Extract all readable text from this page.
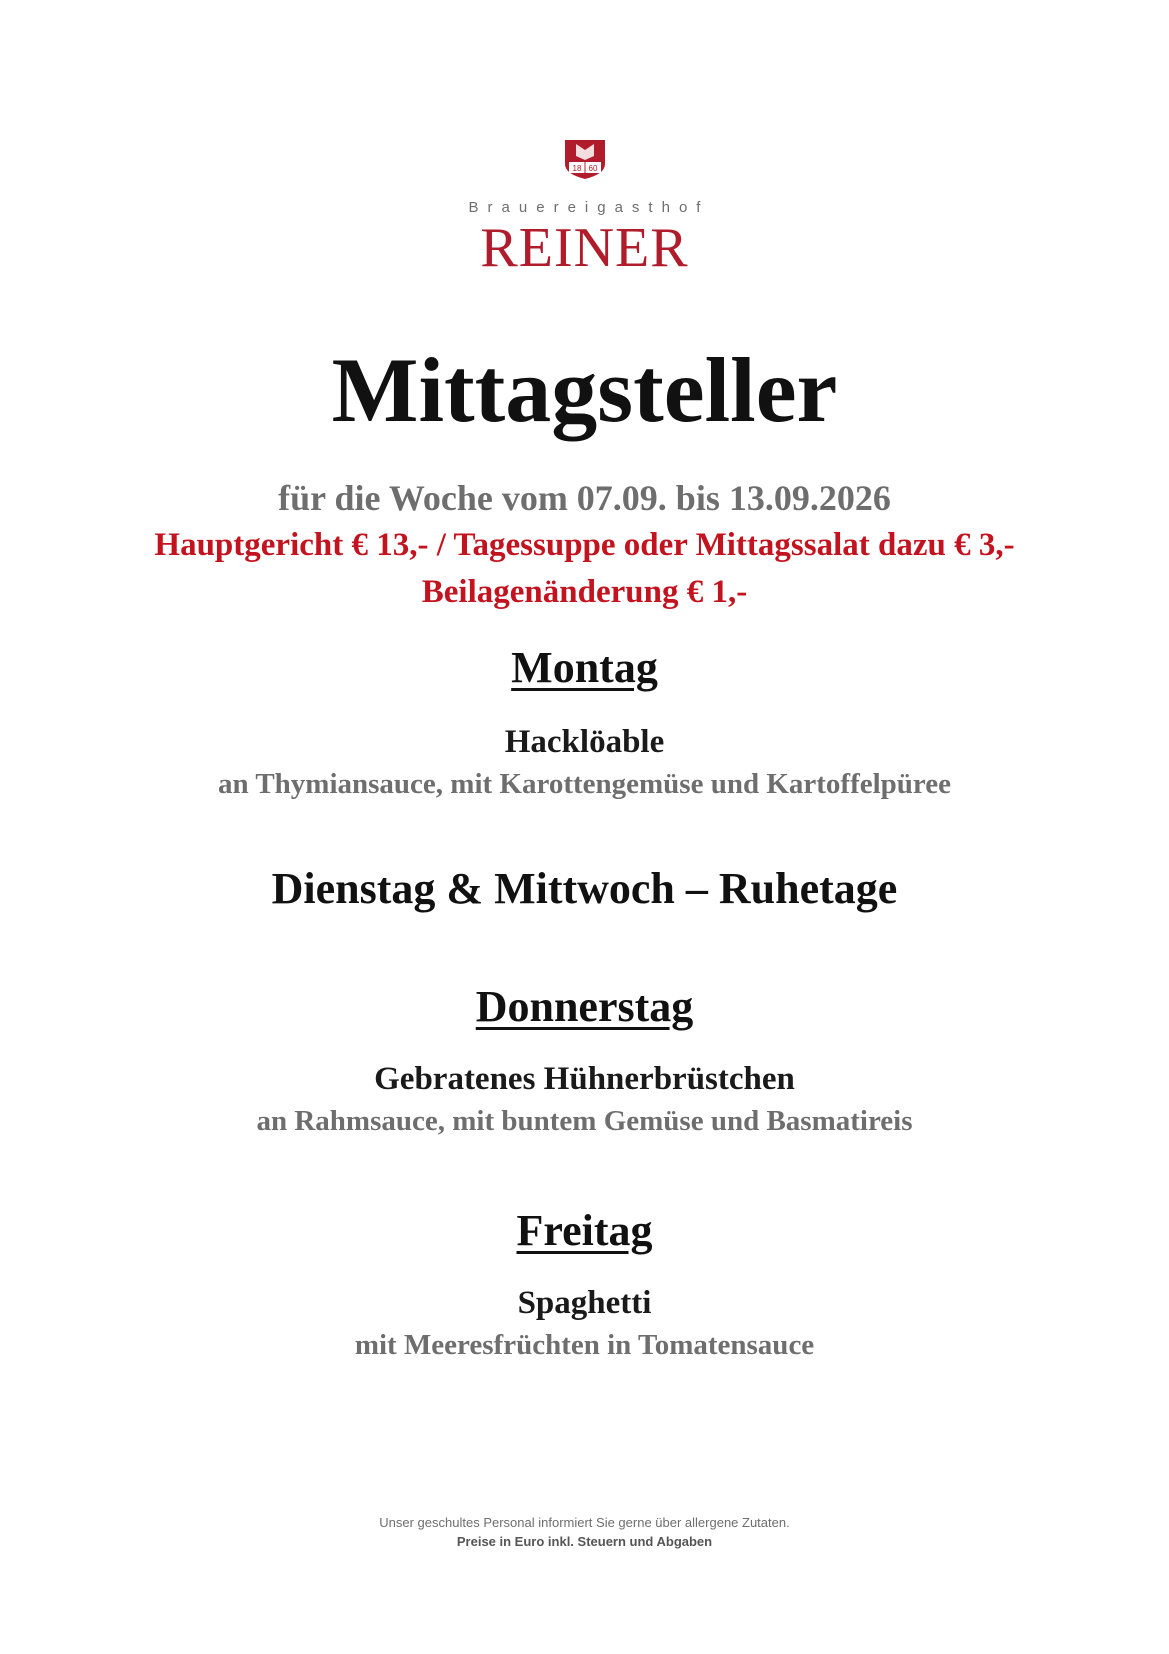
18 60
Brauereigasthof
REINER
Mittagsteller
für die Woche vom 07.09. bis 13.09.2026
Hauptgericht € 13,- / Tagessuppe oder Mittagssalat dazu € 3,-
Beilagenänderung € 1,-
Montag
Hacklöable
an Thymiansauce, mit Karottengemüse und Kartoffelpüree
Dienstag & Mittwoch – Ruhetage
Donnerstag
Gebratenes Hühnerbrüstchen
an Rahmsauce, mit buntem Gemüse und Basmatireis
Freitag
Spaghetti
mit Meeresfrüchten in Tomatensauce
Unser geschultes Personal informiert Sie gerne über allergene Zutaten.
Preise in Euro inkl. Steuern und Abgaben
